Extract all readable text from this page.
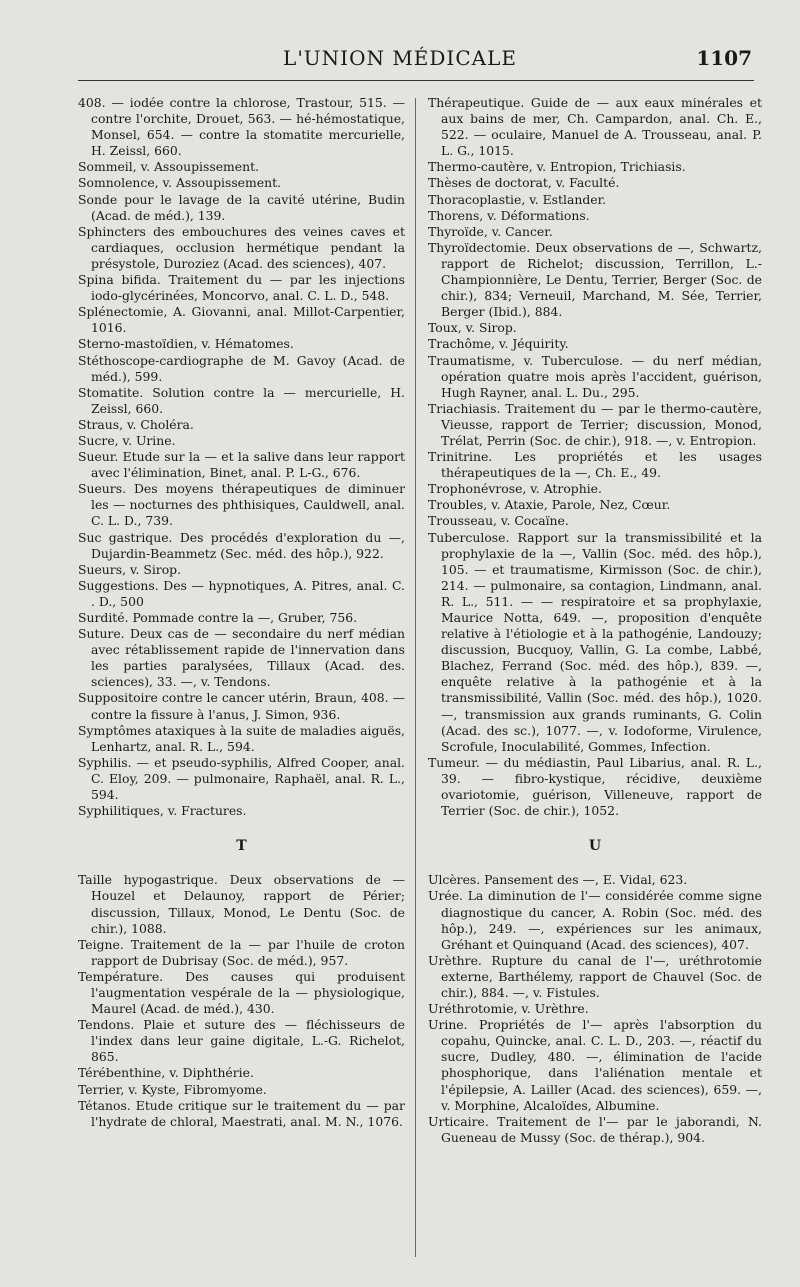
L'UNION MÉDICALE	1107

408. — iodée contre la chlorose, Trastour, 515. — contre l'orchite, Drouet, 563. — hé-hémostatique, Monsel, 654. — contre la stomatite mercurielle, H. Zeissl, 660.

Sommeil, v. Assoupissement.

Somnolence, v. Assoupissement.

Sonde pour le lavage de la cavité utérine, Budin (Acad. de méd.), 139.

Sphincters des embouchures des veines caves et cardiaques, occlusion hermétique pendant la présystole, Duroziez (Acad. des sciences), 407.

Spina bifida. Traitement du — par les injections iodo-glycérinées, Moncorvo, anal. C. L. D., 548.

Splénectomie, A. Giovanni, anal. Millot-Carpentier, 1016.

Sterno-mastoïdien, v. Hématomes.

Stéthoscope-cardiographe de M. Gavoy (Acad. de méd.), 599.

Stomatite. Solution contre la — mercurielle, H. Zeissl, 660.

Straus, v. Choléra.

Sucre, v. Urine.

Sueur. Etude sur la — et la salive dans leur rapport avec l'élimination, Binet, anal. P. L-G., 676.

Sueurs. Des moyens thérapeutiques de diminuer les — nocturnes des phthisiques, Cauldwell, anal. C. L. D., 739.

Suc gastrique. Des procédés d'exploration du —, Dujardin-Beammetz (Sec. méd. des hôp.), 922.

Sueurs, v. Sirop.

Suggestions. Des — hypnotiques, A. Pitres, anal. C. . D., 500

Surdité. Pommade contre la —, Gruber, 756.

Suture. Deux cas de — secondaire du nerf médian avec rétablissement rapide de l'innervation dans les parties paralysées, Tillaux (Acad. des. sciences), 33. —, v. Tendons.

Suppositoire contre le cancer utérin, Braun, 408. — contre la fissure à l'anus, J. Simon, 936.

Symptômes ataxiques à la suite de maladies aiguës, Lenhartz, anal. R. L., 594.

Syphilis. — et pseudo-syphilis, Alfred Cooper, anal. C. Eloy, 209. — pulmonaire, Raphaël, anal. R. L., 594.

Syphilitiques, v. Fractures.

T

Taille hypogastrique. Deux observations de — Houzel et Delaunoy, rapport de Périer; discussion, Tillaux, Monod, Le Dentu (Soc. de chir.), 1088.

Teigne. Traitement de la — par l'huile de croton rapport de Dubrisay (Soc. de méd.), 957.

Température. Des causes qui produisent l'augmentation vespérale de la — physiologique, Maurel (Acad. de méd.), 430.

Tendons. Plaie et suture des — fléchisseurs de l'index dans leur gaine digitale, L.-G. Richelot, 865.

Térébenthine, v. Diphthérie.

Terrier, v. Kyste, Fibromyome.

Tétanos. Etude critique sur le traitement du — par l'hydrate de chloral, Maestrati, anal. M. N., 1076.

Thérapeutique. Guide de — aux eaux minérales et aux bains de mer, Ch. Campardon, anal. Ch. E., 522. — oculaire, Manuel de A. Trousseau, anal. P. L. G., 1015.

Thermo-cautère, v. Entropion, Trichiasis.

Thèses de doctorat, v. Faculté.

Thoracoplastie, v. Estlander.

Thorens, v. Déformations.

Thyroïde, v. Cancer.

Thyroïdectomie. Deux observations de —, Schwartz, rapport de Richelot; discussion, Terrillon, L.-Championnière, Le Dentu, Terrier, Berger (Soc. de chir.), 834; Verneuil, Marchand, M. Sée, Terrier, Berger (Ibid.), 884.

Toux, v. Sirop.

Trachôme, v. Jéquirity.

Traumatisme, v. Tuberculose. — du nerf médian, opération quatre mois après l'accident, guérison, Hugh Rayner, anal. L. Du., 295.

Triachiasis. Traitement du — par le thermo-cautère, Vieusse, rapport de Terrier; discussion, Monod, Trélat, Perrin (Soc. de chir.), 918. —, v. Entropion.

Trinitrine. Les propriétés et les usages thérapeutiques de la —, Ch. E., 49.

Trophonévrose, v. Atrophie.

Troubles, v. Ataxie, Parole, Nez, Cœur.

Trousseau, v. Cocaïne.

Tuberculose. Rapport sur la transmissibilité et la prophylaxie de la —, Vallin (Soc. méd. des hôp.), 105. — et traumatisme, Kirmisson (Soc. de chir.), 214. — pulmonaire, sa contagion, Lindmann, anal. R. L., 511. — — respiratoire et sa prophylaxie, Maurice Notta, 649. —, proposition d'enquête relative à l'étiologie et à la pathogénie, Landouzy; discussion, Bucquoy, Vallin, G. La combe, Labbé, Blachez, Ferrand (Soc. méd. des hôp.), 839. —, enquête relative à la pathogénie et à la transmissibilité, Vallin (Soc. méd. des hôp.), 1020. —, transmission aux grands ruminants, G. Colin (Acad. des sc.), 1077. —, v. Iodoforme, Virulence, Scrofule, Inoculabilité, Gommes, Infection.

Tumeur. — du médiastin, Paul Libarius, anal. R. L., 39. — fibro-kystique, récidive, deuxième ovariotomie, guérison, Villeneuve, rapport de Terrier (Soc. de chir.), 1052.

U

Ulcères. Pansement des —, E. Vidal, 623.

Urée. La diminution de l'— considérée comme signe diagnostique du cancer, A. Robin (Soc. méd. des hôp.), 249. —, expériences sur les animaux, Gréhant et Quinquand (Acad. des sciences), 407.

Urèthre. Rupture du canal de l'—, uréthrotomie externe, Barthélemy, rapport de Chauvel (Soc. de chir.), 884. —, v. Fistules.

Uréthrotomie, v. Urèthre.

Urine. Propriétés de l'— après l'absorption du copahu, Quincke, anal. C. L. D., 203. —, réactif du sucre, Dudley, 480. —, élimination de l'acide phosphorique, dans l'aliénation mentale et l'épilepsie, A. Lailler (Acad. des sciences), 659. —, v. Morphine, Alcaloïdes, Albumine.

Urticaire. Traitement de l'— par le jaborandi, N. Gueneau de Mussy (Soc. de thérap.), 904.
